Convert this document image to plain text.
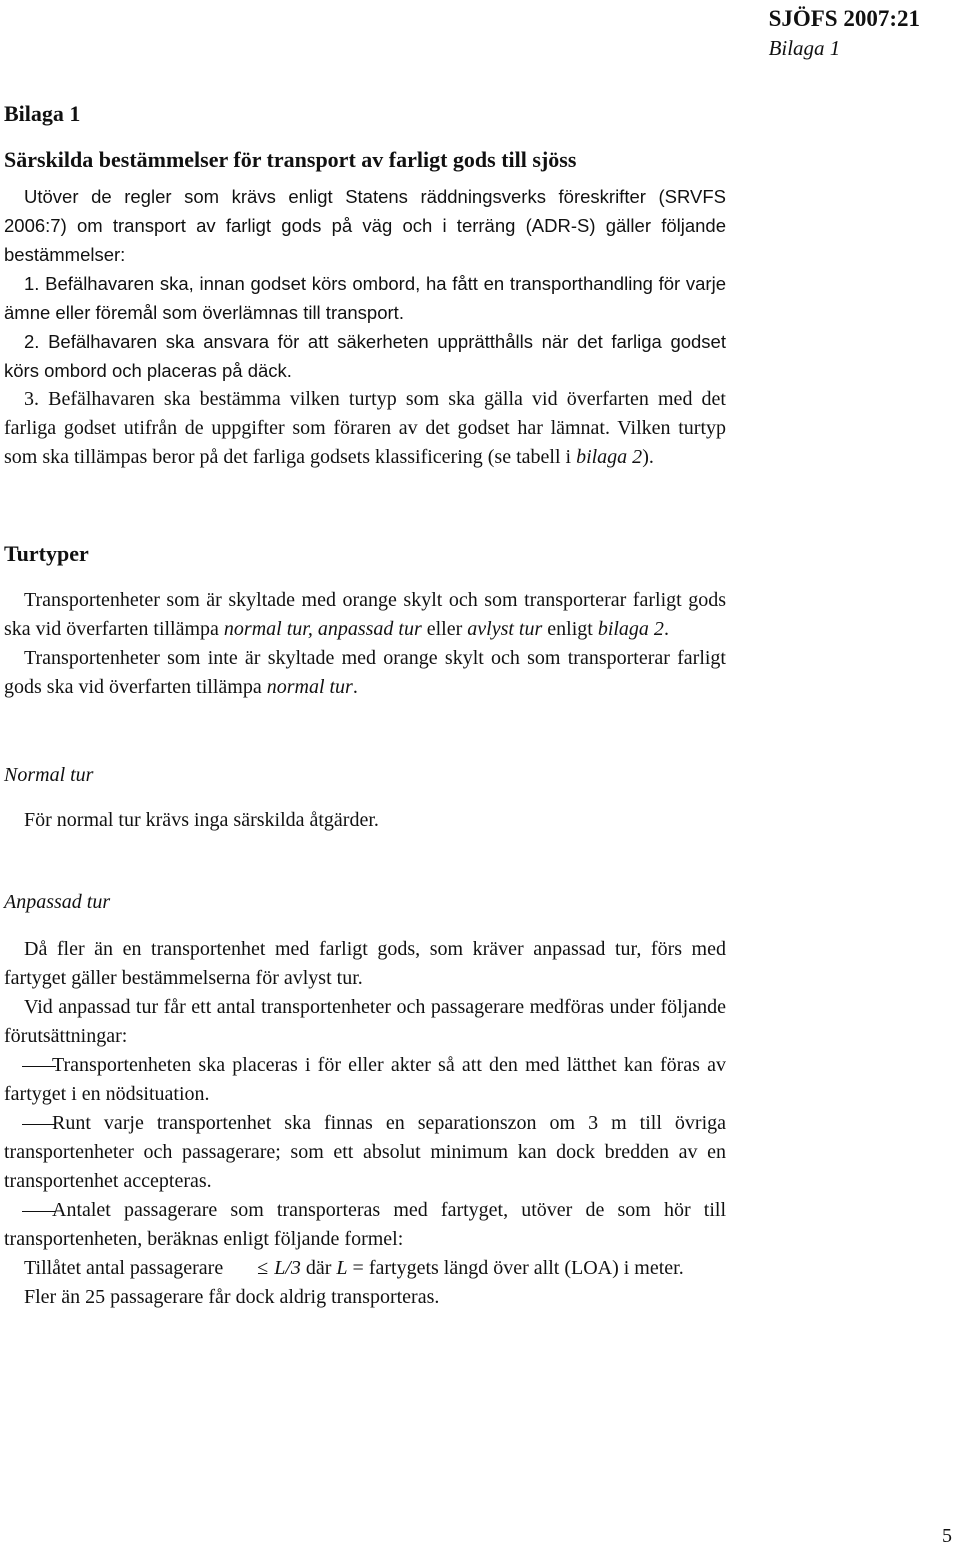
SJÖFS 2007:21
Bilaga 1
Bilaga 1
Särskilda bestämmelser för transport av farligt gods till sjöss

Utöver de regler som krävs enligt Statens räddningsverks föreskrifter (SRVFS 2006:7) om transport av farligt gods på väg och i terräng (ADR-S) gäller följande bestämmelser:

1. Befälhavaren ska, innan godset körs ombord, ha fått en transporthandling för varje ämne eller föremål som överlämnas till transport.

2. Befälhavaren ska ansvara för att säkerheten upprätthålls när det farliga godset körs ombord och placeras på däck.

3. Befälhavaren ska bestämma vilken turtyp som ska gälla vid överfarten med det farliga godset utifrån de uppgifter som föraren av det godset har lämnat. Vilken turtyp som ska tillämpas beror på det farliga godsets klassificering (se tabell i bilaga 2).

Turtyper

Transportenheter som är skyltade med orange skylt och som transporterar farligt gods ska vid överfarten tillämpa normal tur, anpassad tur eller avlyst tur enligt bilaga 2.

Transportenheter som inte är skyltade med orange skylt och som transporterar farligt gods ska vid överfarten tillämpa normal tur.

Normal tur

För normal tur krävs inga särskilda åtgärder.

Anpassad tur

Då fler än en transportenhet med farligt gods, som kräver anpassad tur, förs med fartyget gäller bestämmelserna för avlyst tur.

Vid anpassad tur får ett antal transportenheter och passagerare medföras under följande förutsättningar:

Transportenheten ska placeras i för eller akter så att den med lätthet kan föras av fartyget i en nödsituation.

Runt varje transportenhet ska finnas en separationszon om 3 m till övriga transportenheter och passagerare; som ett absolut minimum kan dock bredden av en transportenhet accepteras.

Antalet passagerare som transporteras med fartyget, utöver de som hör till transportenheten, beräknas enligt följande formel:

Tillåtet antal passagerare ≤ L/3 där L = fartygets längd över allt (LOA) i meter.

Fler än 25 passagerare får dock aldrig transporteras.

5
